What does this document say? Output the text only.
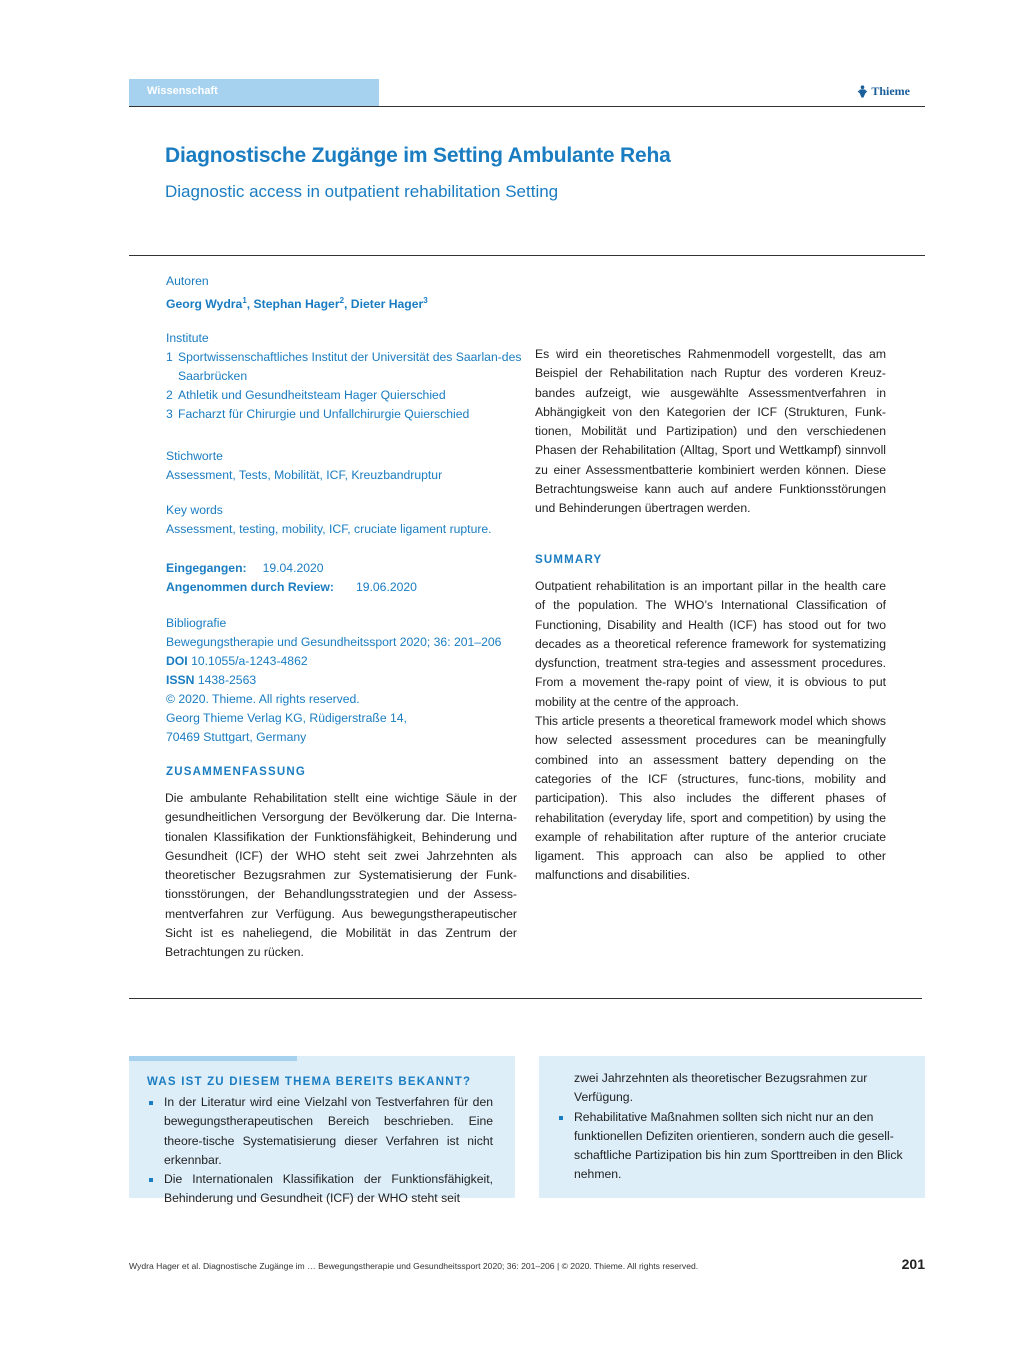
Wissenschaft	Thieme
Diagnostische Zugänge im Setting Ambulante Reha
Diagnostic access in outpatient rehabilitation Setting
Autoren
Georg Wydra$^1$, Stephan Hager$^2$, Dieter Hager$^3$
Institute
1 Sportwissenschaftliches Institut der Universität des Saarlan-des Saarbrücken
2 Athletik und Gesundheitsteam Hager Quierschied
3 Facharzt für Chirurgie und Unfallchirurgie Quierschied
Stichworte
Assessment, Tests, Mobilität, ICF, Kreuzbandruptur
Key words
Assessment, testing, mobility, ICF, cruciate ligament rupture.
Eingegangen: 19.04.2020
Angenommen durch Review: 19.06.2020
Bibliografie
Bewegungstherapie und Gesundheitssport 2020; 36: 201–206
DOI 10.1055/a-1243-4862
ISSN 1438-2563
© 2020. Thieme. All rights reserved.
Georg Thieme Verlag KG, Rüdigerstraße 14,
70469 Stuttgart, Germany
ZUSAMMENFASSUNG
Die ambulante Rehabilitation stellt eine wichtige Säule in der gesundheitlichen Versorgung der Bevölkerung dar. Die Interna-tionalen Klassifikation der Funktionsfähigkeit, Behinderung und Gesundheit (ICF) der WHO steht seit zwei Jahrzehnten als theoretischer Bezugsrahmen zur Systematisierung der Funk-tionsstörungen, der Behandlungsstrategien und der Assess-mentverfahren zur Verfügung. Aus bewegungstherapeutischer Sicht ist es naheliegend, die Mobilität in das Zentrum der Betrachtungen zu rücken.
Es wird ein theoretisches Rahmenmodell vorgestellt, das am Beispiel der Rehabilitation nach Ruptur des vorderen Kreuz-bandes aufzeigt, wie ausgewählte Assessmentverfahren in Abhängigkeit von den Kategorien der ICF (Strukturen, Funk-tionen, Mobilität und Partizipation) und den verschiedenen Phasen der Rehabilitation (Alltag, Sport und Wettkampf) sinnvoll zu einer Assessmentbatterie kombiniert werden können. Diese Betrachtungsweise kann auch auf andere Funktionsstörungen und Behinderungen übertragen werden.
SUMMARY
Outpatient rehabilitation is an important pillar in the health care of the population. The WHO’s International Classification of Functioning, Disability and Health (ICF) has stood out for two decades as a theoretical reference framework for systematizing dysfunction, treatment stra-tegies and assessment procedures. From a movement the-rapy point of view, it is obvious to put mobility at the centre of the approach.
This article presents a theoretical framework model which shows how selected assessment procedures can be meaningfully combined into an assessment battery depending on the categories of the ICF (structures, func-tions, mobility and participation). This also includes the different phases of rehabilitation (everyday life, sport and competition) by using the example of rehabilitation after rupture of the anterior cruciate ligament. This approach can also be applied to other malfunctions and disabilities.
WAS IST ZU DIESEM THEMA BEREITS BEKANNT?
In der Literatur wird eine Vielzahl von Testverfahren für den bewegungstherapeutischen Bereich beschrieben. Eine theore-tische Systematisierung dieser Verfahren ist nicht erkennbar.
Die Internationalen Klassifikation der Funktionsfähigkeit, Behinderung und Gesundheit (ICF) der WHO steht seit
zwei Jahrzehnten als theoretischer Bezugsrahmen zur Verfügung.
Rehabilitative Maßnahmen sollten sich nicht nur an den funktionellen Defiziten orientieren, sondern auch die gesell-schaftliche Partizipation bis hin zum Sporttreiben in den Blick nehmen.
Wydra Hager et al. Diagnostische Zugänge im … Bewegungstherapie und Gesundheitssport 2020; 36: 201–206 | © 2020. Thieme. All rights reserved.	201
